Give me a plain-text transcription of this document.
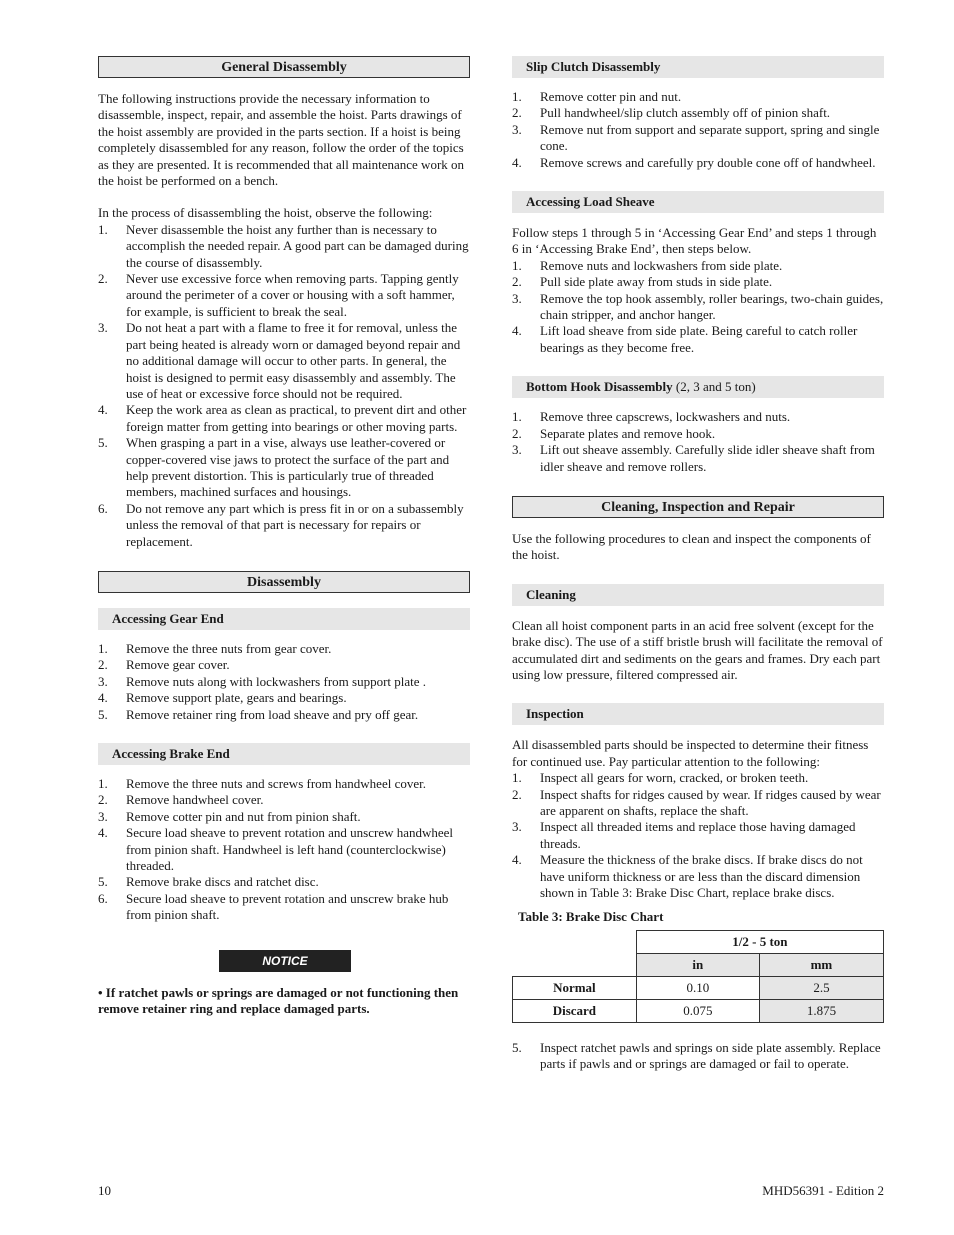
General Disassembly

The following instructions provide the necessary information to disassemble, inspect, repair, and assemble the hoist. Parts drawings of the hoist assembly are provided in the parts section. If a hoist is being completely disassembled for any reason, follow the order of the topics as they are presented. It is recommended that all maintenance work on the hoist be performed on a bench.

In the process of disassembling the hoist, observe the following:

1. Never disassemble the hoist any further than is necessary to accomplish the needed repair. A good part can be damaged during the course of disassembly.
2. Never use excessive force when removing parts. Tapping gently around the perimeter of a cover or housing with a soft hammer, for example, is sufficient to break the seal.
3. Do not heat a part with a flame to free it for removal, unless the part being heated is already worn or damaged beyond repair and no additional damage will occur to other parts. In general, the hoist is designed to permit easy disassembly and assembly. The use of heat or excessive force should not be required.
4. Keep the work area as clean as practical, to prevent dirt and other foreign matter from getting into bearings or other moving parts.
5. When grasping a part in a vise, always use leather-covered or copper-covered vise jaws to protect the surface of the part and help prevent distortion. This is particularly true of threaded members, machined surfaces and housings.
6. Do not remove any part which is press fit in or on a subassembly unless the removal of that part is necessary for repairs or replacement.
Disassembly
Accessing Gear End
1. Remove the three nuts from gear cover.
2. Remove gear cover.
3. Remove nuts along with lockwashers from support plate .
4. Remove support plate, gears and bearings.
5. Remove retainer ring from load sheave and pry off gear.
Accessing Brake End
1. Remove the three nuts and screws from handwheel cover.
2. Remove handwheel cover.
3. Remove cotter pin and nut from pinion shaft.
4. Secure load sheave to prevent rotation and unscrew handwheel from pinion shaft. Handwheel is left hand (counterclockwise) threaded.
5. Remove brake discs and ratchet disc.
6. Secure load sheave to prevent rotation and unscrew brake hub from pinion shaft.
NOTICE

• If ratchet pawls or springs are damaged or not functioning then remove retainer ring and replace damaged parts.

Slip Clutch Disassembly
1. Remove cotter pin and nut.
2. Pull handwheel/slip clutch assembly off of pinion shaft.
3. Remove nut from support and separate support, spring and single cone.
4. Remove screws and carefully pry double cone off of handwheel.
Accessing Load Sheave

Follow steps 1 through 5 in ‘Accessing Gear End’ and steps 1 through 6 in ‘Accessing Brake End’, then steps below.

1. Remove nuts and lockwashers from side plate.
2. Pull side plate away from studs in side plate.
3. Remove the top hook assembly, roller bearings, two-chain guides, chain stripper, and anchor hanger.
4. Lift load sheave from side plate. Being careful to catch roller bearings as they become free.
Bottom Hook Disassembly (2, 3 and 5 ton)
1. Remove three capscrews, lockwashers and nuts.
2. Separate plates and remove hook.
3. Lift out sheave assembly. Carefully slide idler sheave shaft from idler sheave and remove rollers.
Cleaning, Inspection and Repair

Use the following procedures to clean and inspect the components of the hoist.

Cleaning

Clean all hoist component parts in an acid free solvent (except for the brake disc). The use of a stiff bristle brush will facilitate the removal of accumulated dirt and sediments on the gears and frames. Dry each part using low pressure, filtered compressed air.

Inspection

All disassembled parts should be inspected to determine their fitness for continued use. Pay particular attention to the following:

1. Inspect all gears for worn, cracked, or broken teeth.
2. Inspect shafts for ridges caused by wear. If ridges caused by wear are apparent on shafts, replace the shaft.
3. Inspect all threaded items and replace those having damaged threads.
4. Measure the thickness of the brake discs. If brake discs do not have uniform thickness or are less than the discard dimension shown in Table 3: Brake Disc Chart, replace brake discs.

Table 3: Brake Disc Chart

	1/2 - 5 ton	
	in	mm
Normal	0.10	2.5
Discard	0.075	1.875
5. Inspect ratchet pawls and springs on side plate assembly. Replace parts if pawls and or springs are damaged or fail to operate.
10	MHD56391 - Edition 2
